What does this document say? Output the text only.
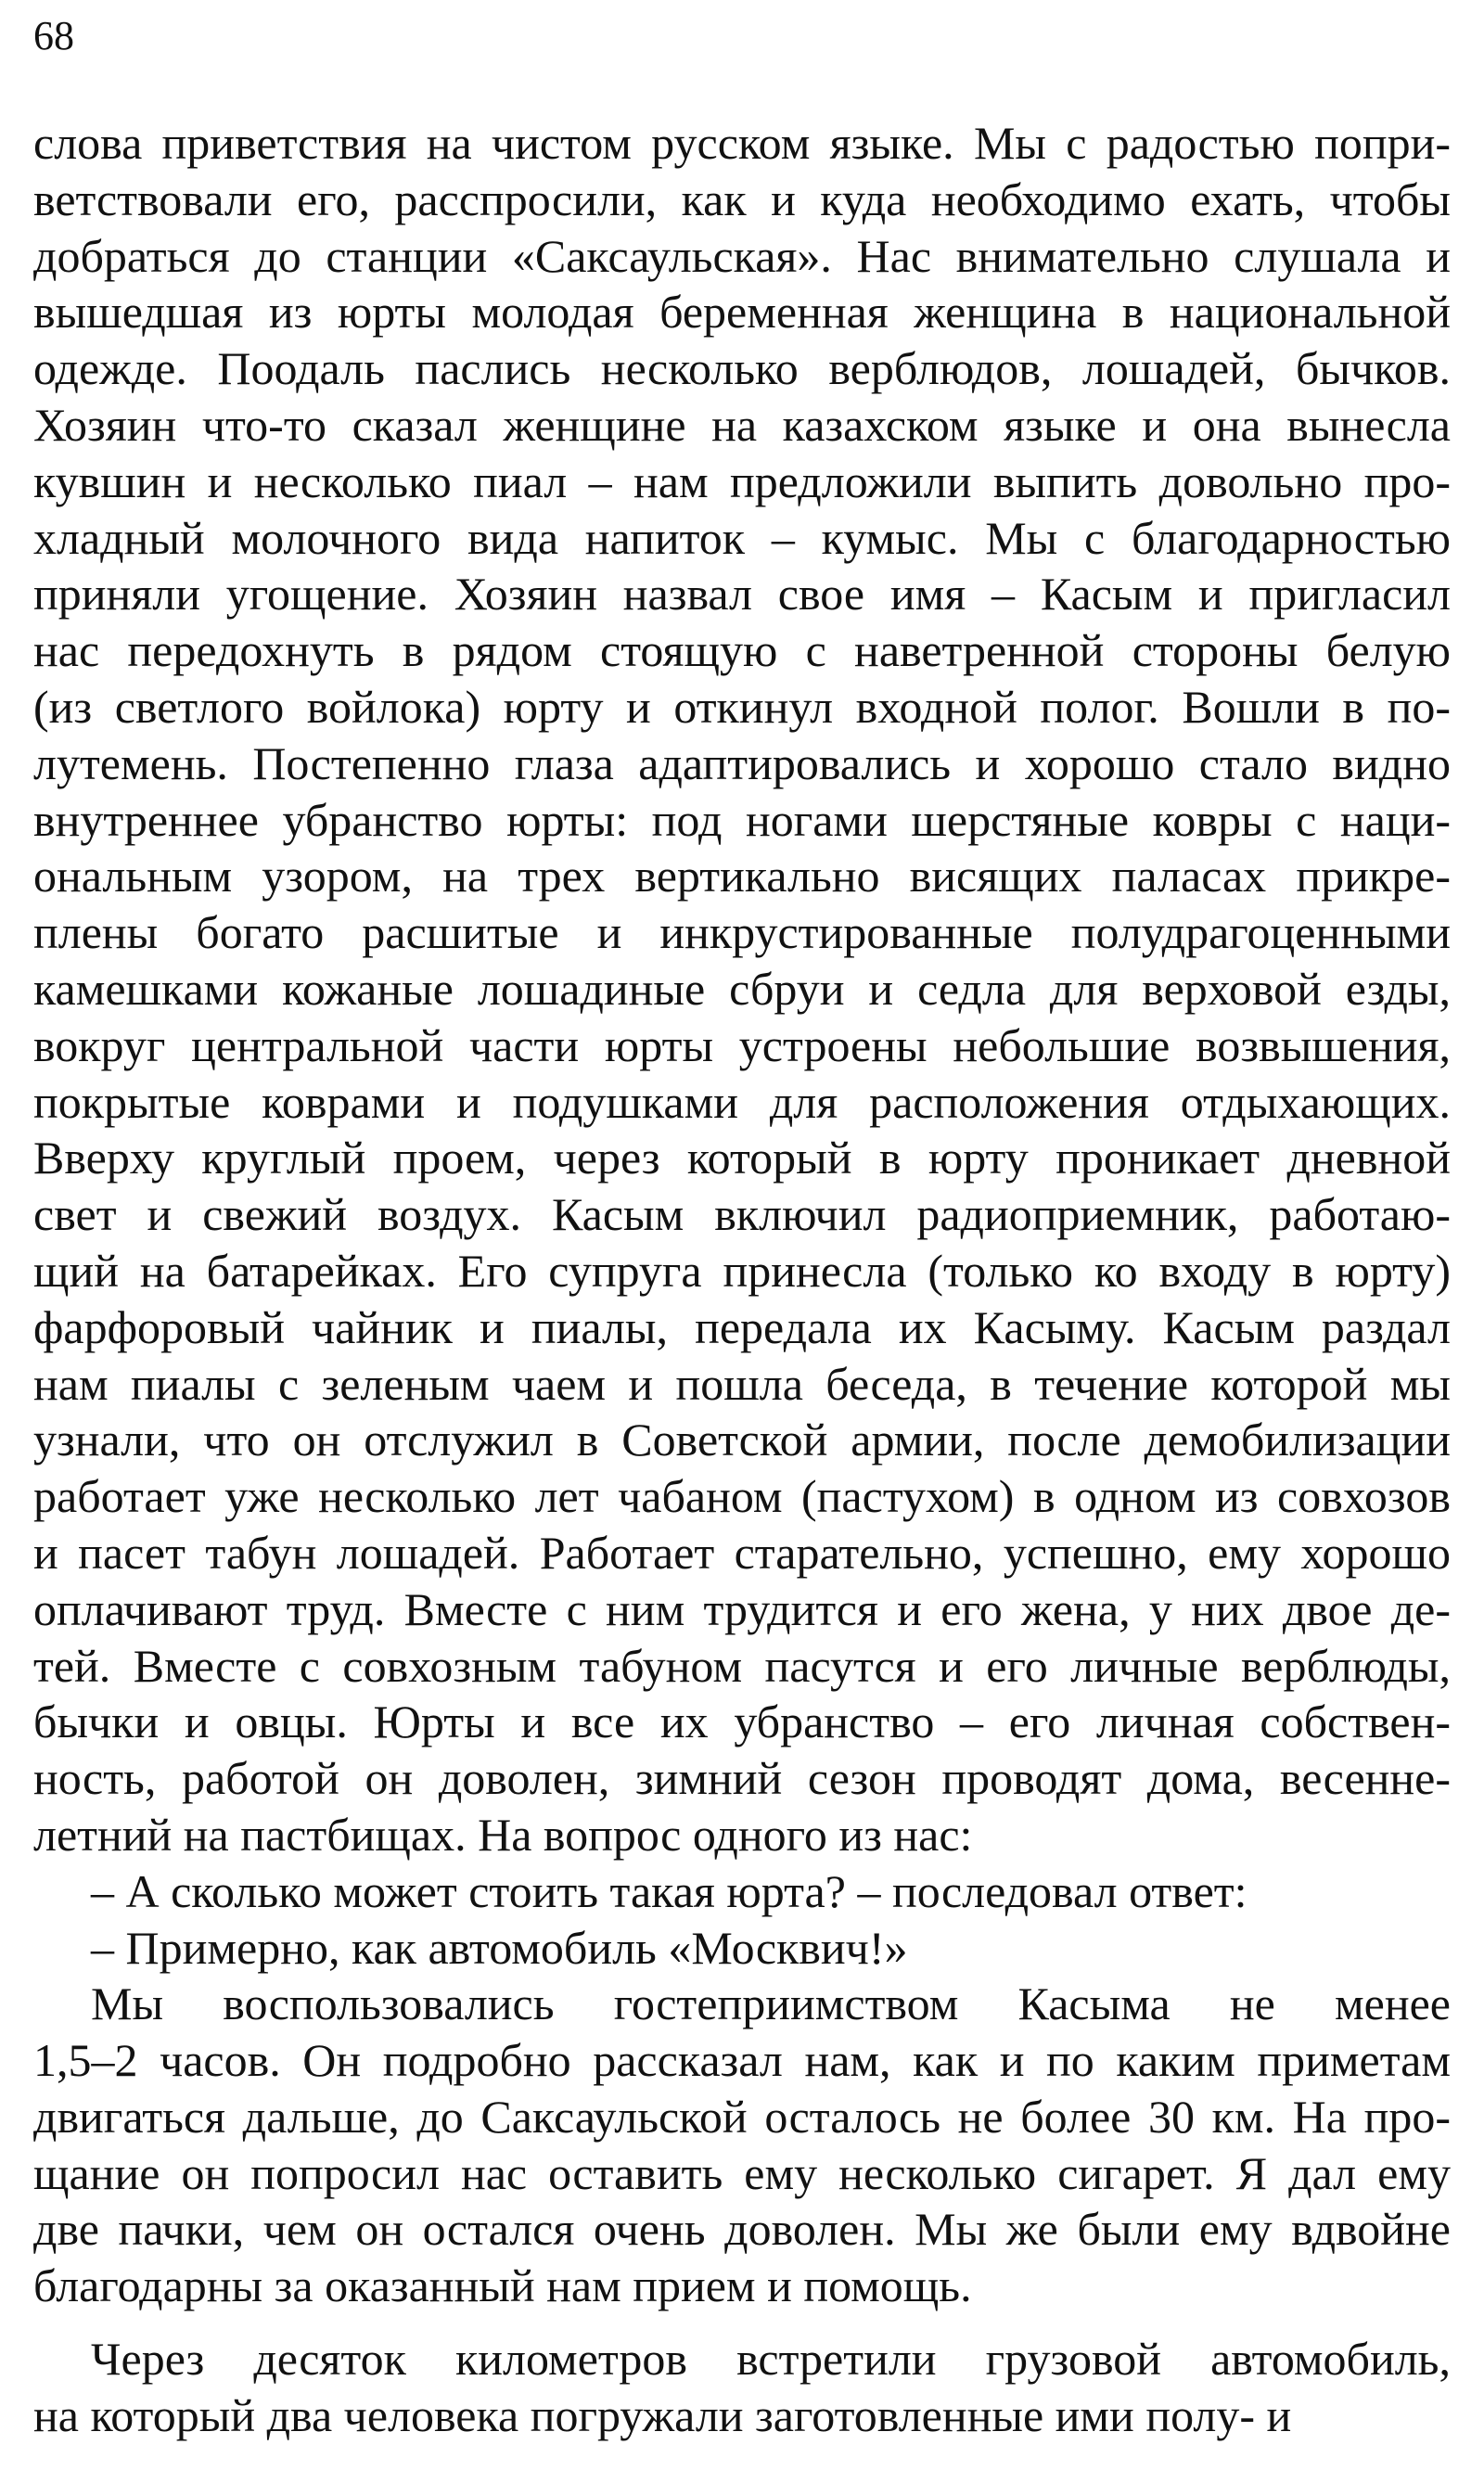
68
слова приветствия на чистом русском языке. Мы с радостью попри-
ветствовали его, расспросили, как и куда необходимо ехать, чтобы
добраться до станции «Саксаульская». Нас внимательно слушала и
вышедшая из юрты молодая беременная женщина в национальной
одежде. Поодаль паслись несколько верблюдов, лошадей, бычков.
Хозяин что-то сказал женщине на казахском языке и она вынесла
кувшин и несколько пиал – нам предложили выпить довольно про-
хладный молочного вида напиток – кумыс. Мы с благодарностью
приняли угощение. Хозяин назвал свое имя – Касым и пригласил
нас передохнуть в рядом стоящую с наветренной стороны белую
(из светлого войлока) юрту и откинул входной полог. Вошли в по-
лутемень. Постепенно глаза адаптировались и хорошо стало видно
внутреннее убранство юрты: под ногами шерстяные ковры с наци-
ональным узором, на трех вертикально висящих паласах прикре-
плены богато расшитые и инкрустированные полудрагоценными
камешками кожаные лошадиные сбруи и седла для верховой езды,
вокруг центральной части юрты устроены небольшие возвышения,
покрытые коврами и подушками для расположения отдыхающих.
Вверху круглый проем, через который в юрту проникает дневной
свет и свежий воздух. Касым включил радиоприемник, работаю-
щий на батарейках. Его супруга принесла (только ко входу в юрту)
фарфоровый чайник и пиалы, передала их Касыму. Касым раздал
нам пиалы с зеленым чаем и пошла беседа, в течение которой мы
узнали, что он отслужил в Советской армии, после демобилизации
работает уже несколько лет чабаном (пастухом) в одном из совхозов
и пасет табун лошадей. Работает старательно, успешно, ему хорошо
оплачивают труд. Вместе с ним трудится и его жена, у них двое де-
тей. Вместе с совхозным табуном пасутся и его личные верблюды,
бычки и овцы. Юрты и все их убранство – его личная собствен-
ность, работой он доволен, зимний сезон проводят дома, весенне-
летний на пастбищах. На вопрос одного из нас:
– А сколько может стоить такая юрта? – последовал ответ:
– Примерно, как автомобиль «Москвич!»
Мы воспользовались гостеприимством Касыма не менее
1,5–2 часов. Он подробно рассказал нам, как и по каким приметам
двигаться дальше, до Саксаульской осталось не более 30 км. На про-
щание он попросил нас оставить ему несколько сигарет. Я дал ему
две пачки, чем он остался очень доволен. Мы же были ему вдвойне
благодарны за оказанный нам прием и помощь.
Через десяток километров встретили грузовой автомобиль,
на который два человека погружали заготовленные ими полу- и
